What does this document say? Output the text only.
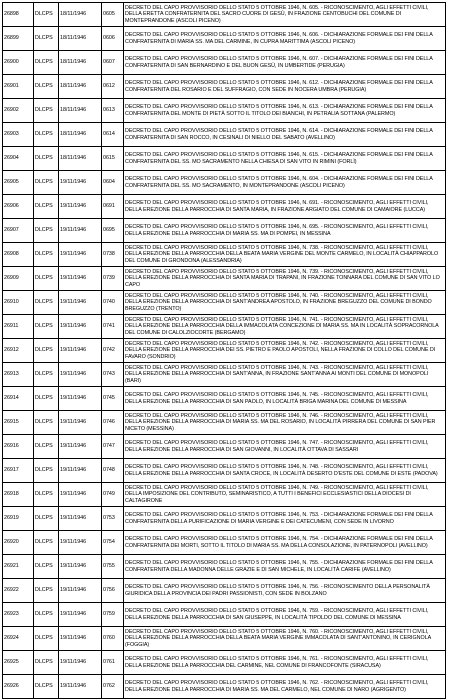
26898	DLCPS	18/11/1946	0605	DECRETO DEL CAPO PROVVISORIO DELLO STATO 5 OTTOBRE 1946, N. 605. - RICONOSCIMENTO, AGLI EFFETTI CIVILI, DELLA ERETTA CONFRATERNITA DEL SACRO CUORE DI GESÙ, IN FRAZIONE CENTOBUCHI DEL COMUNE DI MONTEPRANDONE (ASCOLI PICENO)

26899	DLCPS	18/11/1946	0606	DECRETO DEL CAPO PROVVISORIO DELLO STATO 5 OTTOBRE 1946, N. 606. - DICHIARAZIONE FORMALE DEI FINI DELLA CONFRATERNITA DI MARIA SS. MA DEL CARMINE, IN CUPRA MARITTIMA (ASCOLI PICENO)

26900	DLCPS	18/11/1946	0607	DECRETO DEL CAPO PROVVISORIO DELLO STATO 5 OTTOBRE 1946, N. 607. - DICHIARAZIONE FORMALE DEI FINI DELLA CONFRATERNITA DI SAN BERNARDINO E DEL BUON GESÙ, IN UMBERTIDE (PERUGIA)

26901	DLCPS	18/11/1946	0612	DECRETO DEL CAPO PROVVISORIO DELLO STATO 5 OTTOBRE 1946, N. 612. - DICHIARAZIONE FORMALE DEI FINI DELLA CONFRATERNITA DEL ROSARIO E DEL SUFFRAGIO, CON SEDE IN NOCERA UMBRA (PERUGIA)

26902	DLCPS	18/11/1946	0613	DECRETO DEL CAPO PROVVISORIO DELLO STATO 5 OTTOBRE 1946, N. 613. - DICHIARAZIONE FORMALE DEI FINI DELLA CONFRATERNITA DEL MONTE DI PIETÀ SOTTO IL TITOLO DEI BIANCHI, IN PETRALIA SOTTANA (PALERMO)

26903	DLCPS	18/11/1946	0614	DECRETO DEL CAPO PROVVISORIO DELLO STATO 5 OTTOBRE 1946, N. 614. - DICHIARAZIONE FORMALE DEI FINI DELLA CONFRATERNITA DI SAN ROCCO, IN CESINALI DI NIELLO DEL SABATO (AVELLINO)

26904	DLCPS	18/11/1946	0615	DECRETO DEL CAPO PROVVISORIO DELLO STATO 5 OTTOBRE 1946, N. 615. - DICHIARAZIONE FORMALE DEI FINI DELLA CONFRATERNITA DEL SS. MO SACRAMENTO NELLA CHIESA DI SAN VITO IN RIMINI (FORLÌ)

26905	DLCPS	19/11/1946	0604	DECRETO DEL CAPO PROVVISORIO DELLO STATO 5 OTTOBRE 1946, N. 604. - DICHIARAZIONE FORMALE DEI FINI DELLA CONFRATERNITA DEL SS. MO SACRAMENTO, IN MONTEPRANDONE (ASCOLI PICENO)

26906	DLCPS	19/11/1946	0691	DECRETO DEL CAPO PROVVISORIO DELLO STATO 5 OTTOBRE 1946, N. 691. - RICONOSCIMENTO, AGLI EFFETTI CIVILI, DELLA EREZIONE DELLA PARROCCHIA DI SANTA MARIA, IN FRAZIONE ARGIATO DEL COMUNE DI CAMAIORE (LUCCA)

26907	DLCPS	19/11/1946	0695	DECRETO DEL CAPO PROVVISORIO DELLO STATO 5 OTTOBRE 1946, N. 695. - RICONOSCIMENTO, AGLI EFFETTI CIVILI, DELLA EREZIONE DELLA PARROCCHIA DI MARIA SS. MA DI POMPEI, IN MESSINA

26908	DLCPS	19/11/1946	0738	DECRETO DEL CAPO PROVVISORIO DELLO STATO 5 OTTOBRE 1946, N. 738. - RICONOSCIMENTO, AGLI EFFETTI CIVILI, DELLA EREZIONE DELLA PARROCCHIA DELLA BEATA MARIA VERGINE DEL MONTE CARMELO, IN LOCALITÀ CHIAPPAROLO DEL COMUNE DI GRONDONA (ALESSANDRIA)

26909	DLCPS	19/11/1946	0739	DECRETO DEL CAPO PROVVISORIO DELLO STATO 5 OTTOBRE 1946, N. 739. - RICONOSCIMENTO, AGLI EFFETTI CIVILI, DELLA EREZIONE DELLA PARROCCHIA DI SANTA MARIA DI TRAPANI, IN FRAZIONE TONNARA DEL COMUNE DI SAN VITO LO CAPO

26910	DLCPS	19/11/1946	0740	DECRETO DEL CAPO PROVVISORIO DELLO STATO 5 OTTOBRE 1946, N. 740. - RICONOSCIMENTO, AGLI EFFETTI CIVILI, DELLA EREZIONE DELLA PARROCCHIA DI SANT'ANDREA APOSTOLO, IN FRAZIONE BREGUZZO DEL COMUNE DI BONDO BREGUZZO (TRENTO)

26911	DLCPS	19/11/1946	0741	DECRETO DEL CAPO PROVVISORIO DELLO STATO 5 OTTOBRE 1946, N. 741. - RICONOSCIMENTO, AGLI EFFETTI CIVILI, DELLA EREZIONE DELLA PARROCCHIA DELLA IMMACOLATA CONCEZIONE DI MARIA SS. MA IN LOCALITÀ SOPRACORNOLA DEL COMUNE DI CALOLZIOCORTE (BERGAMO)

26912	DLCPS	19/11/1946	0742	DECRETO DEL CAPO PROVVISORIO DELLO STATO 5 OTTOBRE 1946, N. 742. - RICONOSCIMENTO, AGLI EFFETTI CIVILI, DELLA EREZIONE DELLA PARROCCHIA DEI SS. PIETRO E PAOLO APOSTOLI, NELLA FRAZIONE DI COLLO DEL COMUNE DI FAVARO (SONDRIO)

26913	DLCPS	19/11/1946	0743	DECRETO DEL CAPO PROVVISORIO DELLO STATO 5 OTTOBRE 1946, N. 743. - RICONOSCIMENTO, AGLI EFFETTI CIVILI, DELLA EREZIONE DELLA PARROCCHIA DI SANT'ANNA, IN FRAZIONE SANT'ANNA AI MONTI DEL COMUNE DI MONOPOLI (BARI)

26914	DLCPS	19/11/1946	0745	DECRETO DEL CAPO PROVVISORIO DELLO STATO 5 OTTOBRE 1946, N. 745. - RICONOSCIMENTO, AGLI EFFETTI CIVILI, DELLA EREZIONE DELLA PARROCCHIA DI SAN PAOLO, IN LOCALITÀ BRIGA MARINA DEL COMUNE DI MESSINA

26915	DLCPS	19/11/1946	0746	DECRETO DEL CAPO PROVVISORIO DELLO STATO 5 OTTOBRE 1946, N. 746. - RICONOSCIMENTO, AGLI EFFETTI CIVILI, DELLA EREZIONE DELLA PARROCCHIA DI MARIA SS. MA DEL ROSARIO, IN LOCALITÀ PIRRERA DEL COMUNE DI SAN PIER NICETO (MESSINA)

26916	DLCPS	19/11/1946	0747	DECRETO DEL CAPO PROVVISORIO DELLO STATO 5 OTTOBRE 1946, N. 747. - RICONOSCIMENTO, AGLI EFFETTI CIVILI, DELLA EREZIONE DELLA PARROCCHIA DI SAN GIOVANNI, IN LOCALITÀ OTTAVA DI SASSARI

26917	DLCPS	19/11/1946	0748	DECRETO DEL CAPO PROVVISORIO DELLO STATO 5 OTTOBRE 1946, N. 748. - RICONOSCIMENTO, AGLI EFFETTI CIVILI, DELLA EREZIONE DELLA PARROCCHIA DI SANTA CROCE, IN LOCALITÀ DESERTO D'ESTE DEL COMUNE DI ESTE (PADOVA)

26918	DLCPS	19/11/1946	0749	DECRETO DEL CAPO PROVVISORIO DELLO STATO 5 OTTOBRE 1946, N. 749. - RICONOSCIMENTO, AGLI EFFETTI CIVILI, DELLA IMPOSIZIONE DEL CONTRIBUTO, SEMINARISTICO, A TUTTI I BENEFICI ECCLESIASTICI DELLA DIOCESI DI CALTAGIRONE

26919	DLCPS	19/11/1946	0753	DECRETO DEL CAPO PROVVISORIO DELLO STATO 5 OTTOBRE 1946, N. 753. - DICHIARAZIONE FORMALE DEI FINI DELLA CONFRATERNITA DELLA PURIFICAZIONE DI MARIA VERGINE E DEI CATECUMENI, CON SEDE IN LIVORNO

26920	DLCPS	19/11/1946	0754	DECRETO DEL CAPO PROVVISORIO DELLO STATO 5 OTTOBRE 1946, N. 754. - DICHIARAZIONE FORMALE DEI FINI DELLA CONFRATERNITA DEI MORTI, SOTTO IL TITOLO DI MARIA SS. MA DELLA CONSOLAZIONE, IN PATERNOPOLI (AVELLINO)

26921	DLCPS	19/11/1946	0755	DECRETO DEL CAPO PROVVISORIO DELLO STATO 5 OTTOBRE 1946, N. 755. - DICHIARAZIONE FORMALE DEI FINI DELLA CONFRATERNITA DELLA MADONNA DELLE GRAZIE E DI SAN MICHELE, IN LOCALITÀ CARIFE (AVELLINO)

26922	DLCPS	19/11/1946	0756	DECRETO DEL CAPO PROVVISORIO DELLO STATO 5 OTTOBRE 1946, N. 756. - RICONOSCIMENTO DELLA PERSONALITÀ GIURIDICA DELLA PROVINCIA DEI PADRI PASSIONISTI, CON SEDE IN BOLZANO

26923	DLCPS	19/11/1946	0759	DECRETO DEL CAPO PROVVISORIO DELLO STATO 5 OTTOBRE 1946, N. 759. - RICONOSCIMENTO, AGLI EFFETTI CIVILI, DELLA EREZIONE DELLA PARROCCHIA DI SAN GIUSEPPE, IN LOCALITÀ TIPOLDO DEL COMUNE DI MESSINA

26924	DLCPS	19/11/1946	0760	DECRETO DEL CAPO PROVVISORIO DELLO STATO 5 OTTOBRE 1946, N. 760. - RICONOSCIMENTO, AGLI EFFETTI CIVILI, DELLA EREZIONE DELLA PARROCCHIA DELLA BEATA MARIA VERGINE IMMACOLATA DI SANT'ANTONINO, IN CERIGNOLA (FOGGIA)

26925	DLCPS	19/11/1946	0761	DECRETO DEL CAPO PROVVISORIO DELLO STATO 5 OTTOBRE 1946, N. 761. - RICONOSCIMENTO, AGLI EFFETTI CIVILI, DELLA EREZIONE DELLA PARROCCHIA DEL CARMINE, NEL COMUNE DI FRANCOFONTE (SIRACUSA)

26926	DLCPS	19/11/1946	0762	DECRETO DEL CAPO PROVVISORIO DELLO STATO 5 OTTOBRE 1946, N. 762. - RICONOSCIMENTO, AGLI EFFETTI CIVILI, DELLA EREZIONE DELLA PARROCCHIA DI MARIA SS. MA DEL CARMELO, NEL COMUNE DI NARO (AGRIGENTO)
